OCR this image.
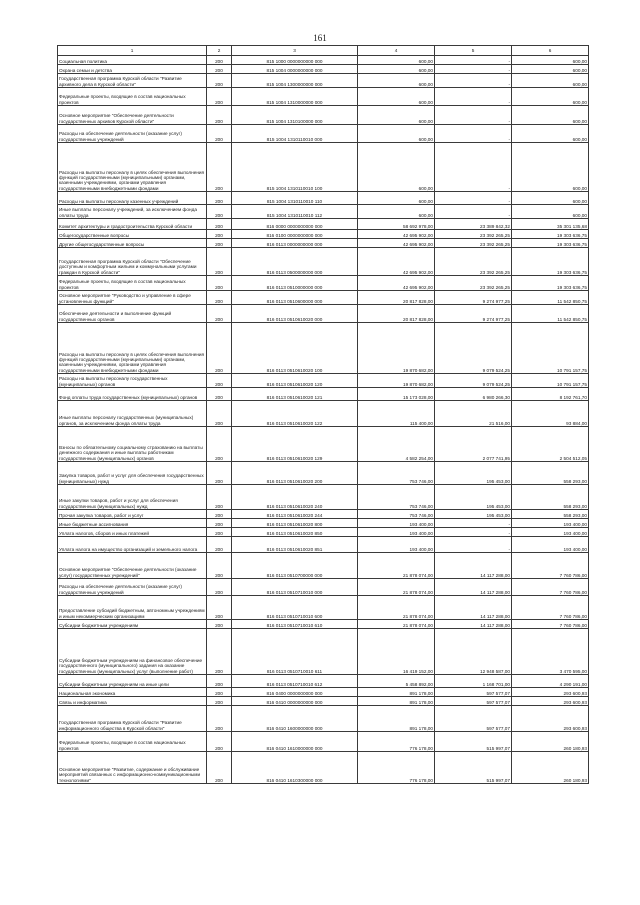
161
1	2	3	4	5	6
Социальная политика	200	815 1000 0000000000 000	600,00	-	600,00
Охрана семьи и детства	200	815 1004 0000000000 000	600,00	-	600,00
Государственная программа Курской области "Развитие архивного дела в Курской области"	200	815 1004 1300000000 000	600,00	-	600,00
Федеральные проекты, входящие в состав национальных проектов	200	815 1004 1310000000 000	600,00	-	600,00
Основное мероприятие "Обеспечение деятельности государственных архивов Курской области"	200	815 1004 1310100000 000	600,00	-	600,00
Расходы на обеспечение деятельности (оказание услуг) государственных учреждений	200	815 1004 1310110010 000	600,00	-	600,00
Расходы на выплаты персоналу в целях обеспечения выполнения функций государственными (муниципальными) органами, казенными учреждениями, органами управления государственными внебюджетными фондами	200	815 1004 1310110010 100	600,00	-	600,00
Расходы на выплаты персоналу казенных учреждений	200	815 1004 1310110010 110	600,00	-	600,00
Иные выплаты персоналу учреждений, за исключением фонда оплаты труда	200	815 1004 1310110010 112	600,00	-	600,00
Комитет архитектуры и градостроительства Курской области	200	816 0000 0000000000 000	58 692 978,00	23 389 842,32	35 301 135,68
Общегосударственные вопросы	200	816 0100 0000000000 000	42 695 902,00	23 392 265,25	19 303 636,75
Другие общегосударственные вопросы	200	816 0113 0000000000 000	42 695 902,00	23 392 265,25	19 303 636,75
Государственная программа Курской области "Обеспечение доступным и комфортным жильем и коммунальными услугами граждан в Курской области"	200	816 0113 0500000000 000	42 695 902,00	23 392 265,25	19 303 636,75
Федеральные проекты, входящие в состав национальных проектов	200	816 0113 0510000000 000	42 695 902,00	23 392 265,25	19 303 636,75
Основное мероприятие "Руководство и управление в сфере установленных функций"	200	816 0113 0510600000 000	20 817 828,00	9 274 977,25	11 542 850,75
Обеспечение деятельности и выполнение функций государственных органов	200	816 0113 0510610020 000	20 817 828,00	9 274 977,25	11 542 850,75
Расходы на выплаты персоналу в целях обеспечения выполнения функций государственными (муниципальными) органами, казенными учреждениями, органами управления государственными внебюджетными фондами	200	816 0113 0510610020 100	19 870 682,00	9 079 524,25	10 791 157,75
Расходы на выплаты персоналу государственных (муниципальных) органов	200	816 0113 0510610020 120	19 870 682,00	9 079 524,25	10 791 157,75
Фонд оплаты труда государственных (муниципальных) органов	200	816 0113 0510610020 121	15 173 028,00	6 980 266,30	8 192 761,70
Иные выплаты персоналу государственных (муниципальных) органов, за исключением фонда оплаты труда	200	816 0113 0510610020 122	115 400,00	21 516,00	93 884,00
Взносы по обязательному социальному страхованию на выплаты денежного содержания и иные выплаты работникам государственных (муниципальных) органов	200	816 0113 0510610020 129	4 582 254,00	2 077 741,95	2 504 512,05
Закупка товаров, работ и услуг для обеспечения государственных (муниципальных) нужд	200	816 0113 0510610020 200	753 746,00	195 453,00	558 293,00
Иные закупки товаров, работ и услуг для обеспечения государственных (муниципальных) нужд	200	816 0113 0510610020 240	753 746,00	195 453,00	558 293,00
Прочая закупка товаров, работ и услуг	200	816 0113 0510610020 244	753 746,00	195 453,00	558 293,00
Иные бюджетные ассигнования	200	816 0113 0510610020 800	193 400,00	-	193 400,00
Уплата налогов, сборов и иных платежей	200	816 0113 0510610020 850	193 400,00	-	193 400,00
Уплата налога на имущество организаций и земельного налога	200	816 0113 0510610020 851	193 400,00	-	193 400,00
Основное мероприятие "Обеспечение деятельности (оказание услуг) государственных учреждений"	200	816 0113 0510700000 000	21 878 074,00	14 117 288,00	7 760 786,00
Расходы на обеспечение деятельности (оказание услуг) государственных учреждений	200	816 0113 0510710010 000	21 878 074,00	14 117 288,00	7 760 786,00
Предоставление субсидий бюджетным, автономным учреждениям и иным некоммерческим организациям	200	816 0113 0510710010 600	21 878 074,00	14 117 288,00	7 760 786,00
Субсидии бюджетным учреждениям	200	816 0113 0510710010 610	21 878 074,00	14 117 288,00	7 760 786,00
Субсидии бюджетным учреждениям на финансовое обеспечение государственного (муниципального) задания на оказание государственных (муниципальных) услуг (выполнение работ)	200	816 0113 0510710010 611	16 419 152,00	12 948 587,00	3 470 595,00
Субсидии бюджетным учреждениям на иные цели	200	816 0113 0510710010 612	5 458 892,00	1 168 701,00	4 290 191,00
Национальная экономика	200	816 0400 0000000000 000	891 178,00	597 577,07	293 600,93
Связь и информатика	200	816 0410 0000000000 000	891 178,00	597 577,07	293 600,93
Государственная программа Курской области "Развитие информационного общества в Курской области"	200	816 0410 1600000000 000	891 178,00	597 577,07	293 600,93
Федеральные проекты, входящие в состав национальных проектов	200	816 0410 1610000000 000	776 178,00	515 997,07	260 180,93
Основное мероприятие "Развитие, содержание и обслуживание мероприятий связанных с информационно-коммуникационными технологиями"	200	816 0410 1610300000 000	776 178,00	515 997,07	260 180,93
